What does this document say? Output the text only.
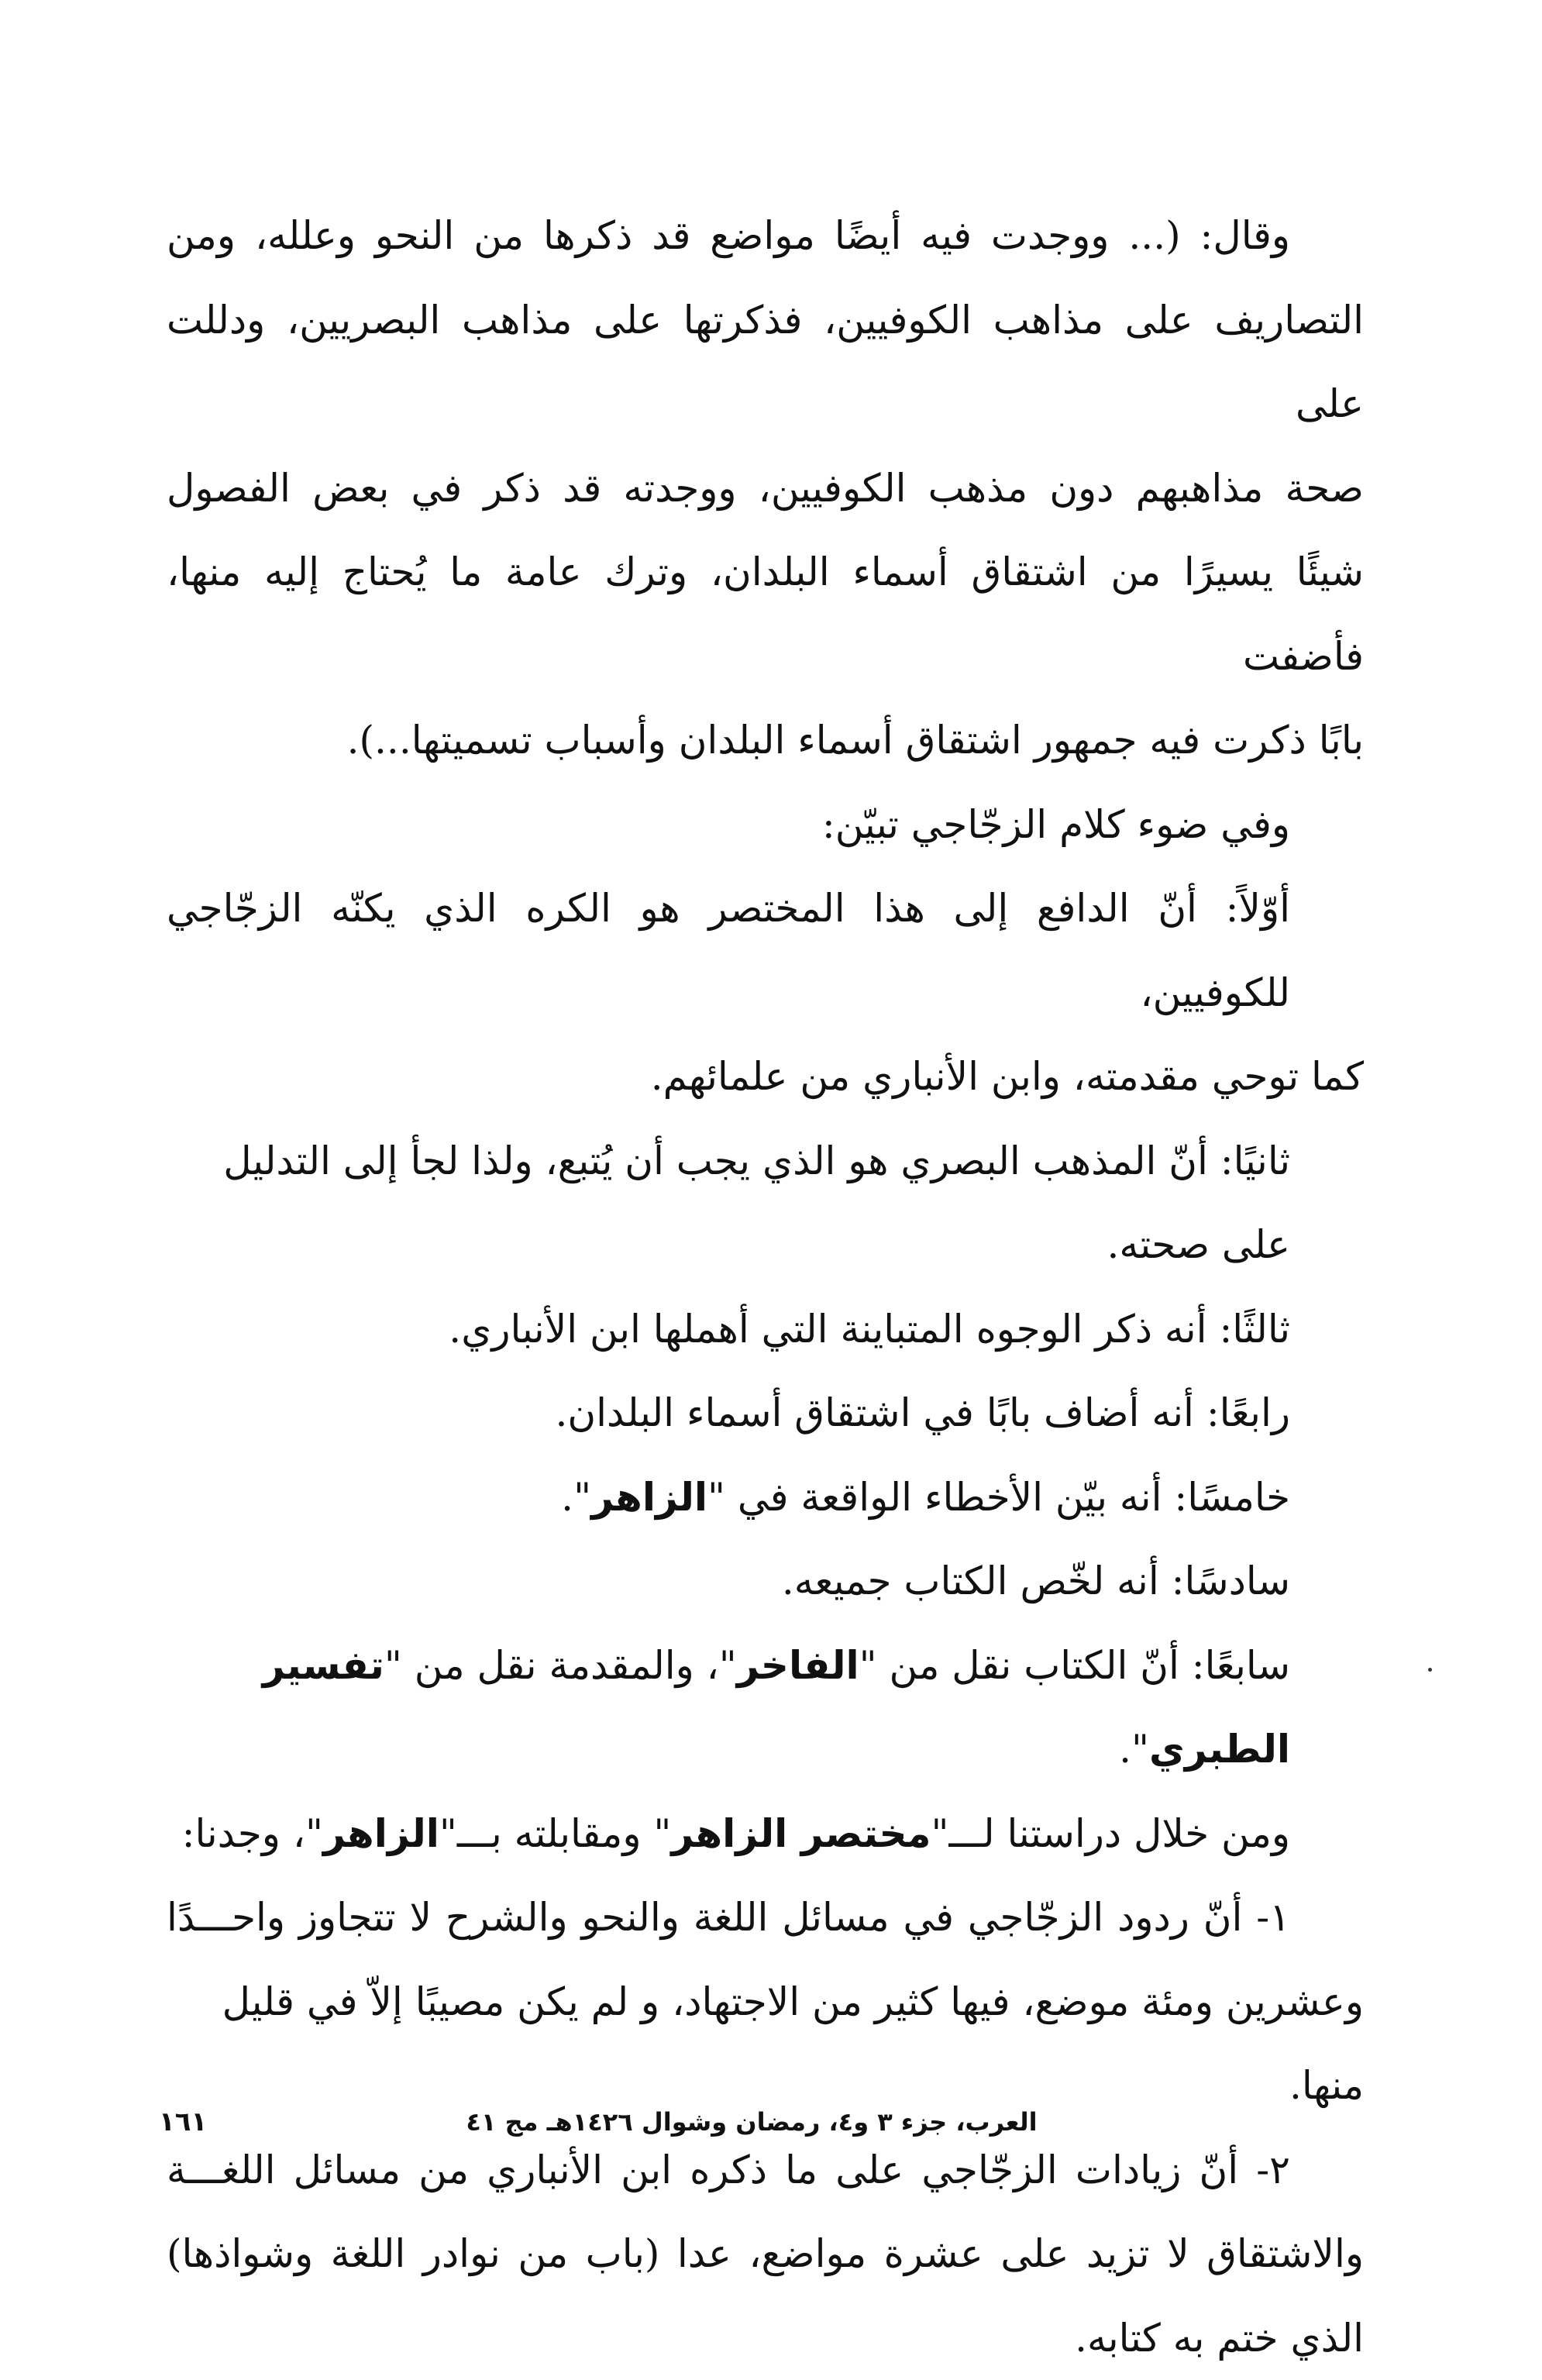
وقال: (... ووجدت فيه أيضًا مواضع قد ذكرها من النحو وعلله، ومن

التصاريف على مذاهب الكوفيين، فذكرتها على مذاهب البصريين، ودللت على

صحة مذاهبهم دون مذهب الكوفيين، ووجدته قد ذكر في بعض الفصول

شيئًا يسيرًا من اشتقاق أسماء البلدان، وترك عامة ما يُحتاج إليه منها، فأضفت

بابًا ذكرت فيه جمهور اشتقاق أسماء البلدان وأسباب تسميتها...).

وفي ضوء كلام الزجّاجي تبيّن:

أوّلاً: أنّ الدافع إلى هذا المختصر هو الكره الذي يكنّه الزجّاجي للكوفيين،

كما توحي مقدمته، وابن الأنباري من علمائهم.

ثانيًا: أنّ المذهب البصري هو الذي يجب أن يُتبع، ولذا لجأ إلى التدليل على صحته.

ثالثًا: أنه ذكر الوجوه المتباينة التي أهملها ابن الأنباري.

رابعًا: أنه أضاف بابًا في اشتقاق أسماء البلدان.

خامسًا: أنه بيّن الأخطاء الواقعة في "الزاهر".

سادسًا: أنه لخّص الكتاب جميعه.

سابعًا: أنّ الكتاب نقل من "الفاخر"، والمقدمة نقل من "تفسير الطبري".

ومن خلال دراستنا لـــ"مختصر الزاهر" ومقابلته بـــ"الزاهر"، وجدنا:

١- أنّ ردود الزجّاجي في مسائل اللغة والنحو والشرح لا تتجاوز واحـــدًا

وعشرين ومئة موضع، فيها كثير من الاجتهاد، و لم يكن مصيبًا إلاّ في قليل منها.

٢- أنّ زيادات الزجّاجي على ما ذكره ابن الأنباري من مسائل اللغـــة

والاشتقاق لا تزيد على عشرة مواضع، عدا (باب من نوادر اللغة وشواذها)

الذي ختم به كتابه.

العرب، جزء ٣ و٤، رمضان وشوال ١٤٢٦هـ مج ٤١
١٦١
